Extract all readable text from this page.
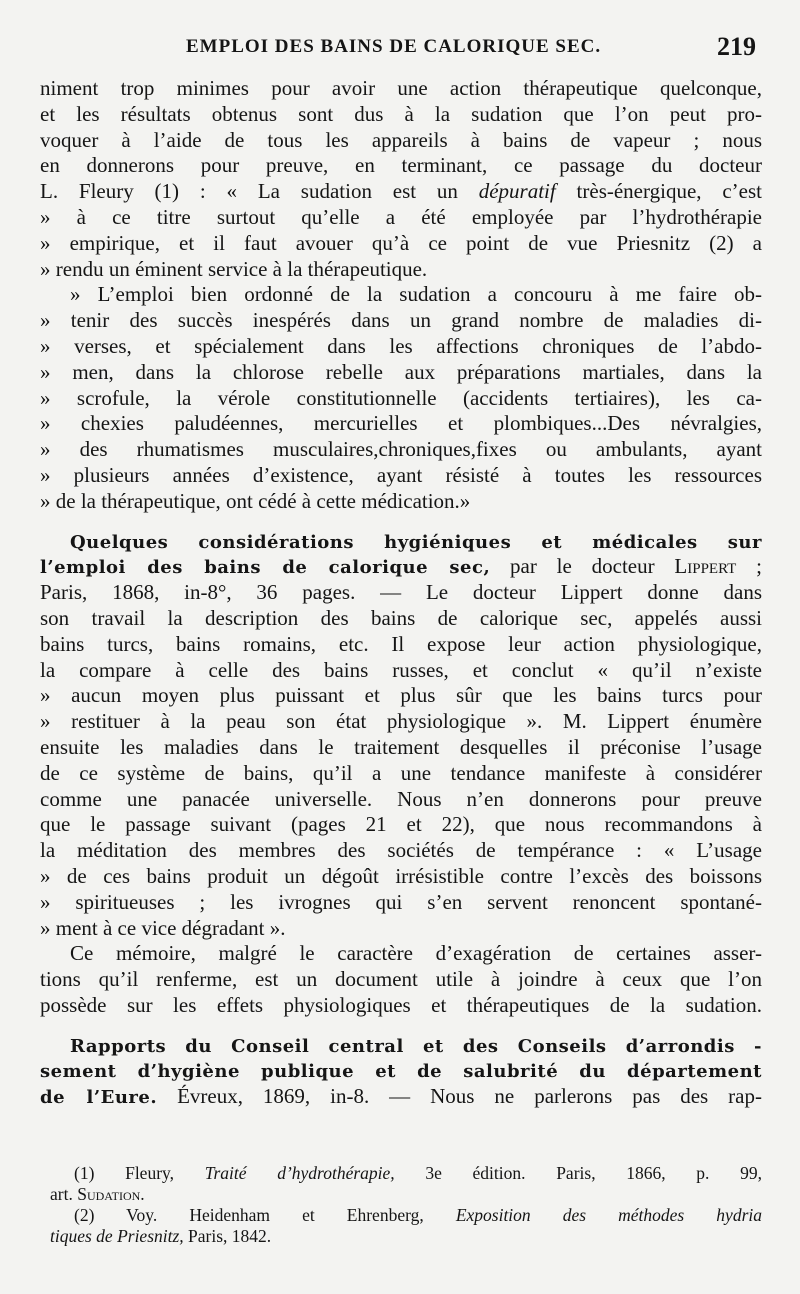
EMPLOI DES BAINS DE CALORIQUE SEC.	219
niment trop minimes pour avoir une action thérapeutique quelconque,
et les résultats obtenus sont dus à la sudation que l’on peut pro-
voquer à l’aide de tous les appareils à bains de vapeur ; nous
en donnerons pour preuve, en terminant, ce passage du docteur
L. Fleury (1) : « La sudation est un dépuratif très-énergique, c’est
» à ce titre surtout qu’elle a été employée par l’hydrothérapie
» empirique, et il faut avouer qu’à ce point de vue Priesnitz (2) a
» rendu un éminent service à la thérapeutique.
» L’emploi bien ordonné de la sudation a concouru à me faire ob-
» tenir des succès inespérés dans un grand nombre de maladies di-
» verses, et spécialement dans les affections chroniques de l’abdo-
» men, dans la chlorose rebelle aux préparations martiales, dans la
» scrofule, la vérole constitutionnelle (accidents tertiaires), les ca-
» chexies paludéennes, mercurielles et plombiques...Des névralgies,
» des rhumatismes musculaires,chroniques,fixes ou ambulants, ayant
» plusieurs années d’existence, ayant résisté à toutes les ressources
» de la thérapeutique, ont cédé à cette médication.»
Quelques considérations hygiéniques et médicales sur
l’emploi des bains de calorique sec, par le docteur Lippert ;
Paris, 1868, in-8°, 36 pages. — Le docteur Lippert donne dans
son travail la description des bains de calorique sec, appelés aussi
bains turcs, bains romains, etc. Il expose leur action physiologique,
la compare à celle des bains russes, et conclut « qu’il n’existe
» aucun moyen plus puissant et plus sûr que les bains turcs pour
» restituer à la peau son état physiologique ». M. Lippert énumère
ensuite les maladies dans le traitement desquelles il préconise l’usage
de ce système de bains, qu’il a une tendance manifeste à considérer
comme une panacée universelle. Nous n’en donnerons pour preuve
que le passage suivant (pages 21 et 22), que nous recommandons à
la méditation des membres des sociétés de tempérance : « L’usage
» de ces bains produit un dégoût irrésistible contre l’excès des boissons
» spiritueuses ; les ivrognes qui s’en servent renoncent spontané-
» ment à ce vice dégradant ».
Ce mémoire, malgré le caractère d’exagération de certaines asser-
tions qu’il renferme, est un document utile à joindre à ceux que l’on
possède sur les effets physiologiques et thérapeutiques de la sudation.
Rapports du Conseil central et des Conseils d’arrondis -
sement d’hygiène publique et de salubrité du département
de l’Eure. Évreux, 1869, in-8. — Nous ne parlerons pas des rap-
(1) Fleury, Traité d’hydrothérapie, 3e édition. Paris, 1866, p. 99,
art. Sudation.
(2) Voy. Heidenham et Ehrenberg, Exposition des méthodes hydria
tiques de Priesnitz, Paris, 1842.
